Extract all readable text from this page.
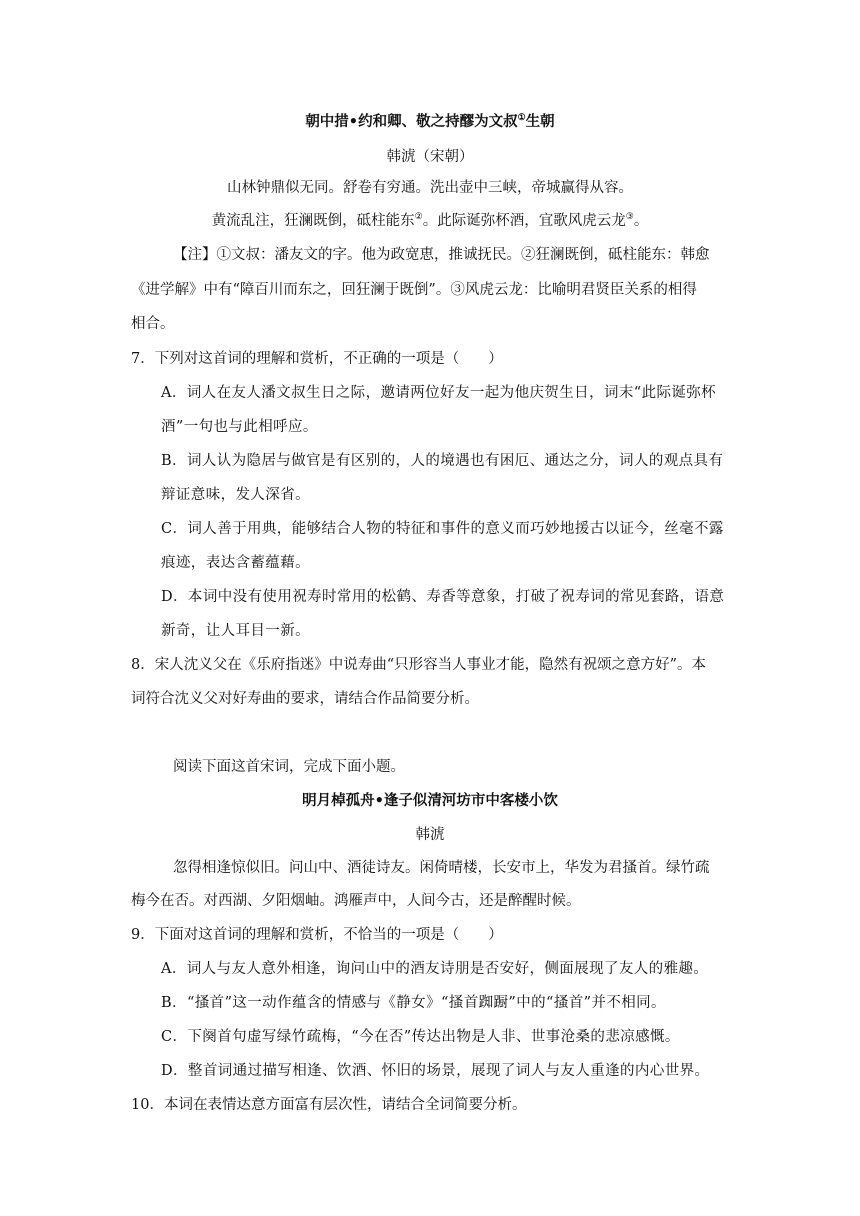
朝中措•约和卿、敬之持醪为文叔①生朝
韩淲（宋朝）
山林钟鼎似无同。舒卷有穷通。洗出壶中三峡，帝城赢得从容。
黄流乱注，狂澜既倒，砥柱能东②。此际诞弥杯酒，宜歌风虎云龙③。
【注】①文叔：潘友文的字。他为政宽恵，推诚抚民。②狂澜既倒，砥柱能东：韩愈
《进学解》中有“障百川而东之，回狂澜于既倒”。③风虎云龙：比喻明君贤臣关系的相得
相合。
7．下列对这首词的理解和赏析，不正确的一项是（　　）
A．词人在友人潘文叔生日之际，邀请两位好友一起为他庆贺生日，词末“此际诞弥杯
酒”一句也与此相呼应。
B．词人认为隐居与做官是有区别的，人的境遇也有困厄、通达之分，词人的观点具有
辩证意味，发人深省。
C．词人善于用典，能够结合人物的特征和事件的意义而巧妙地援古以证今，丝毫不露
痕迹，表达含蓄蕴藉。
D．本词中没有使用祝寿时常用的松鹤、寿香等意象，打破了祝寿词的常见套路，语意
新奇，让人耳目一新。
8．宋人沈义父在《乐府指迷》中说寿曲“只形容当人事业才能，隐然有祝颂之意方好”。本
词符合沈义父对好寿曲的要求，请结合作品简要分析。
阅读下面这首宋词，完成下面小题。
明月棹孤舟•逢子似清河坊市中客楼小饮
韩淲
忽得相逢惊似旧。问山中、酒徒诗友。闲倚晴楼，长安市上，华发为君搔首。绿竹疏
梅今在否。对西湖、夕阳烟岫。鸿雁声中，人间今古，还是醉醒时候。
9．下面对这首词的理解和赏析，不恰当的一项是（　　）
A．词人与友人意外相逢，询问山中的酒友诗朋是否安好，侧面展现了友人的雅趣。
B．“搔首”这一动作蕴含的情感与《静女》“搔首踟蹰”中的“搔首”并不相同。
C．下阕首句虚写绿竹疏梅，“今在否”传达出物是人非、世事沧桑的悲凉感慨。
D．整首词通过描写相逢、饮酒、怀旧的场景，展现了词人与友人重逢的内心世界。
10．本词在表情达意方面富有层次性，请结合全词简要分析。
